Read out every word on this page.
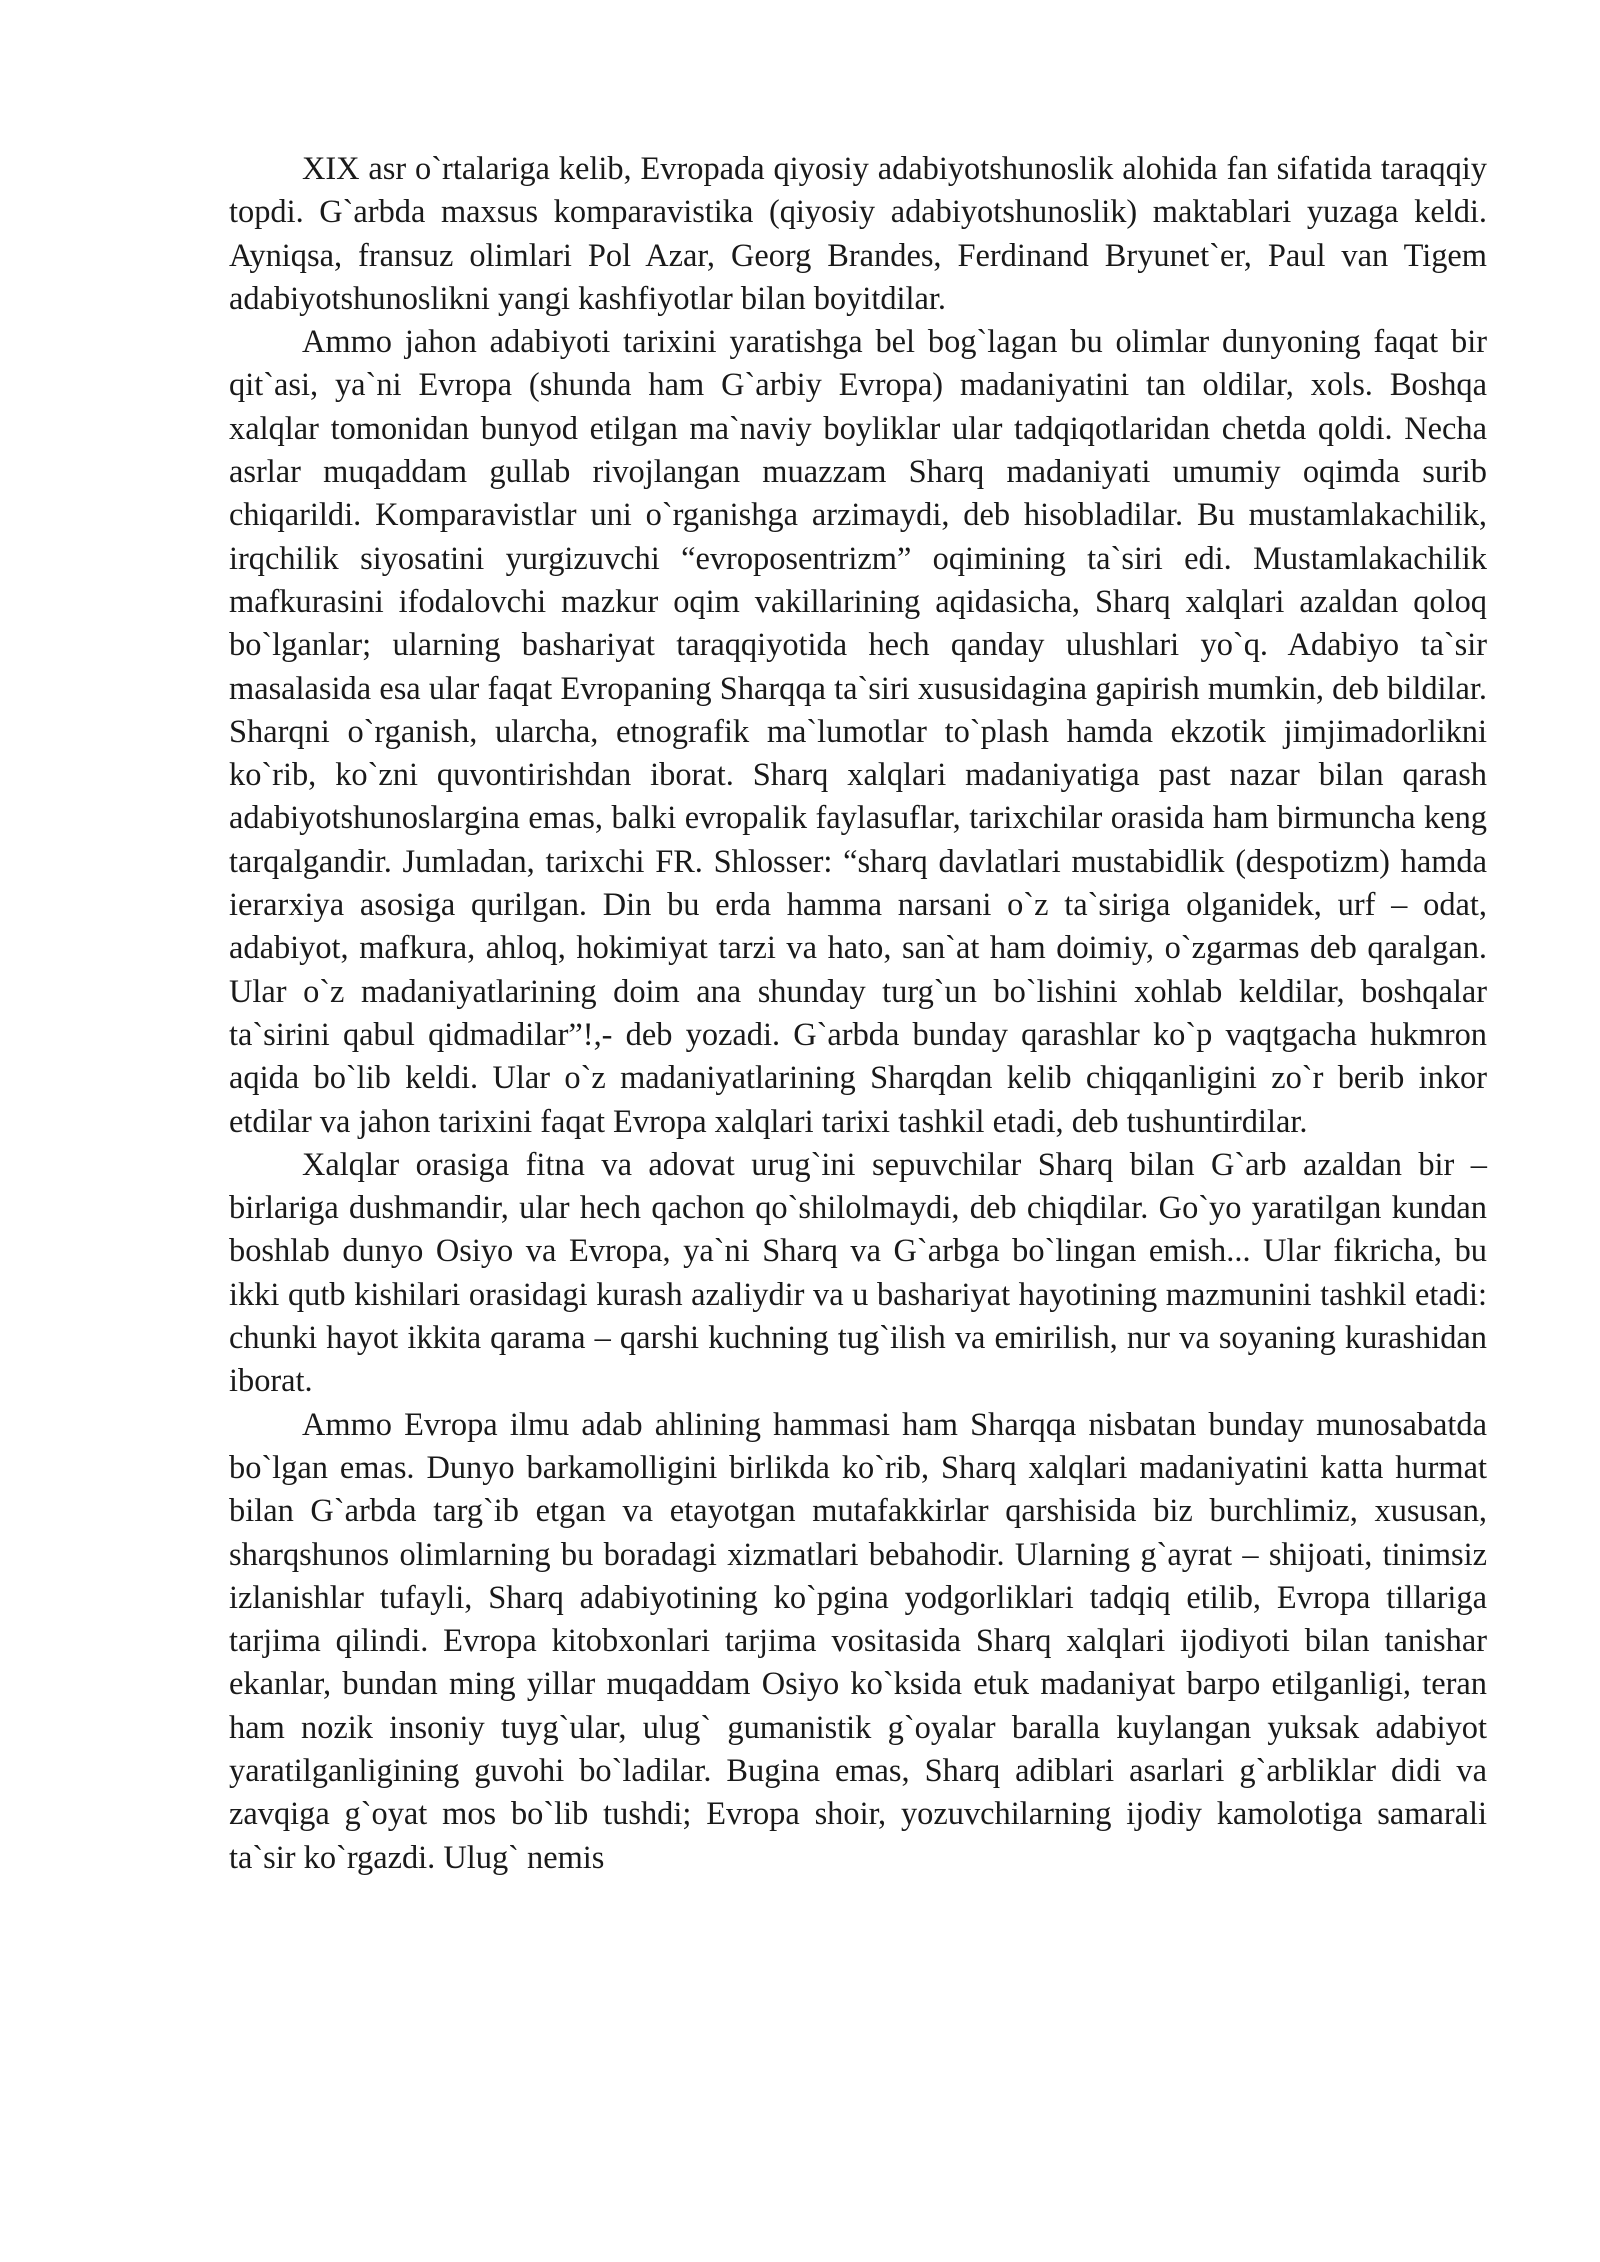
XIX asr o`rtalariga kelib, Evropada qiyosiy adabiyotshunoslik alohida fan sifatida taraqqiy topdi. G`arbda maxsus komparavistika (qiyosiy adabiyotshunoslik) maktablari yuzaga keldi. Ayniqsa, fransuz olimlari Pol Azar, Georg Brandes, Ferdinand Bryunet`er, Paul van Tigem adabiyotshunoslikni yangi kashfiyotlar bilan boyitdilar.

Ammo jahon adabiyoti tarixini yaratishga bel bog`lagan bu olimlar dunyoning faqat bir qit`asi, ya`ni Evropa (shunda ham G`arbiy Evropa) madaniyatini tan oldilar, xols. Boshqa xalqlar tomonidan bunyod etilgan ma`naviy boyliklar ular tadqiqotlaridan chetda qoldi. Necha asrlar muqaddam gullab rivojlangan muazzam Sharq madaniyati umumiy oqimda surib chiqarildi. Komparavistlar uni o`rganishga arzimaydi, deb hisobladilar. Bu mustamlakachilik, irqchilik siyosatini yurgizuvchi “evroposentrizm” oqimining ta`siri edi. Mustamlakachilik mafkurasini ifodalovchi mazkur oqim vakillarining aqidasicha, Sharq xalqlari azaldan qoloq bo`lganlar; ularning bashariyat taraqqiyotida hech qanday ulushlari yo`q. Adabiyo ta`sir masalasida esa ular faqat Evropaning Sharqqa ta`siri xususidagina gapirish mumkin, deb bildilar. Sharqni o`rganish, ularcha, etnografik ma`lumotlar to`plash hamda ekzotik jimjimadorlikni ko`rib, ko`zni quvontirishdan iborat. Sharq xalqlari madaniyatiga past nazar bilan qarash adabiyotshunoslargina emas, balki evropalik faylasuflar, tarixchilar orasida ham birmuncha keng tarqalgandir. Jumladan, tarixchi FR. Shlosser: “sharq davlatlari mustabidlik (despotizm) hamda ierarxiya asosiga qurilgan. Din bu erda hamma narsani o`z ta`siriga olganidek, urf – odat, adabiyot, mafkura, ahloq, hokimiyat tarzi va hato, san`at ham doimiy, o`zgarmas deb qaralgan. Ular o`z madaniyatlarining doim ana shunday turg`un bo`lishini xohlab keldilar, boshqalar ta`sirini qabul qidmadilar”!,- deb yozadi. G`arbda bunday qarashlar ko`p vaqtgacha hukmron aqida bo`lib keldi. Ular o`z madaniyatlarining Sharqdan kelib chiqqanligini zo`r berib inkor etdilar va jahon tarixini faqat Evropa xalqlari tarixi tashkil etadi, deb tushuntirdilar.

Xalqlar orasiga fitna va adovat urug`ini sepuvchilar Sharq bilan G`arb azaldan bir – birlariga dushmandir, ular hech qachon qo`shilolmaydi, deb chiqdilar. Go`yo yaratilgan kundan boshlab dunyo Osiyo va Evropa, ya`ni Sharq va G`arbga bo`lingan emish... Ular fikricha, bu ikki qutb kishilari orasidagi kurash azaliydir va u bashariyat hayotining mazmunini tashkil etadi: chunki hayot ikkita qarama – qarshi kuchning tug`ilish va emirilish, nur va soyaning kurashidan iborat.

Ammo Evropa ilmu adab ahlining hammasi ham Sharqqa nisbatan bunday munosabatda bo`lgan emas. Dunyo barkamolligini birlikda ko`rib, Sharq xalqlari madaniyatini katta hurmat bilan G`arbda targ`ib etgan va etayotgan mutafakkirlar qarshisida biz burchlimiz, xususan, sharqshunos olimlarning bu boradagi xizmatlari bebahodir. Ularning g`ayrat – shijoati, tinimsiz izlanishlar tufayli, Sharq adabiyotining ko`pgina yodgorliklari tadqiq etilib, Evropa tillariga tarjima qilindi. Evropa kitobxonlari tarjima vositasida Sharq xalqlari ijodiyoti bilan tanishar ekanlar, bundan ming yillar muqaddam Osiyo ko`ksida etuk madaniyat barpo etilganligi, teran ham nozik insoniy tuyg`ular, ulug` gumanistik g`oyalar baralla kuylangan yuksak adabiyot yaratilganligining guvohi bo`ladilar. Bugina emas, Sharq adiblari asarlari g`arbliklar didi va zavqiga g`oyat mos bo`lib tushdi; Evropa shoir, yozuvchilarning ijodiy kamolotiga samarali ta`sir ko`rgazdi. Ulug` nemis
